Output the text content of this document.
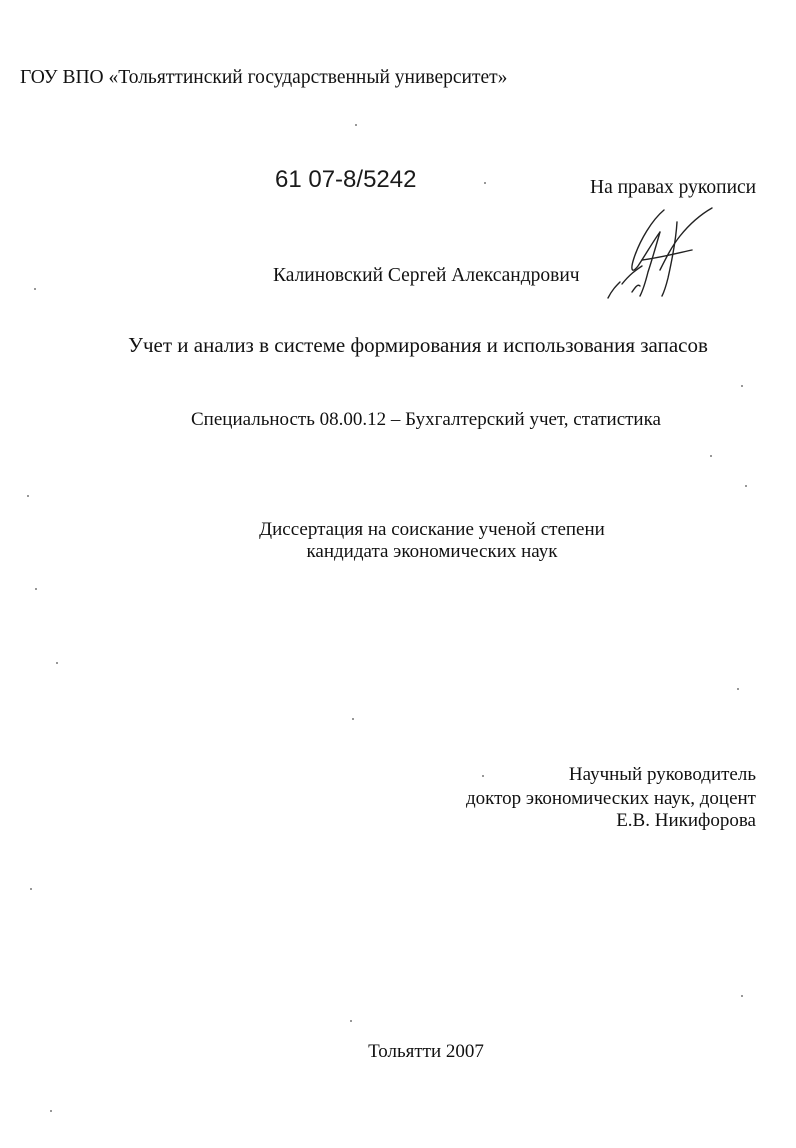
ГОУ ВПО «Тольяттинский государственный университет»
61 07-8/5242	На правах рукописи
Калиновский Сергей Александрович
Учет и анализ в системе формирования и использования запасов
Специальность 08.00.12 – Бухгалтерский учет, статистика
Диссертация на соискание ученой степени
кандидата экономических наук
Научный руководитель
доктор экономических наук, доцент
Е.В. Никифорова
Тольятти 2007
